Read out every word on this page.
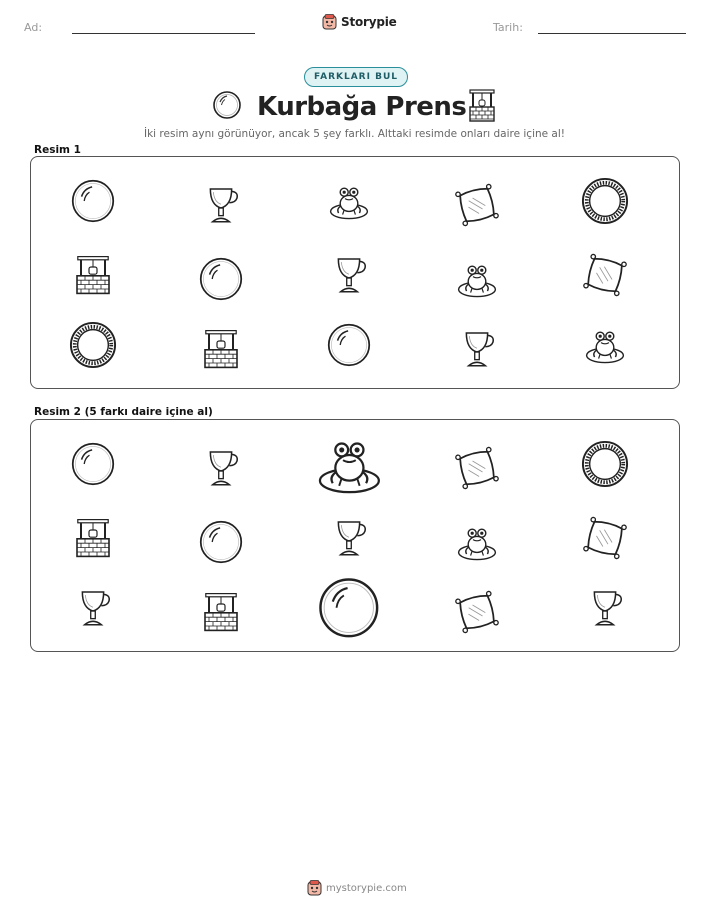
Ad:	Storypie	Tarih:
FARKLARI BUL
Kurbağa Prens
İki resim aynı görünüyor, ancak 5 şey farklı. Alttaki resimde onları daire içine al!
Resim 1
Resim 2 (5 farkı daire içine al)
mystorypie.com
